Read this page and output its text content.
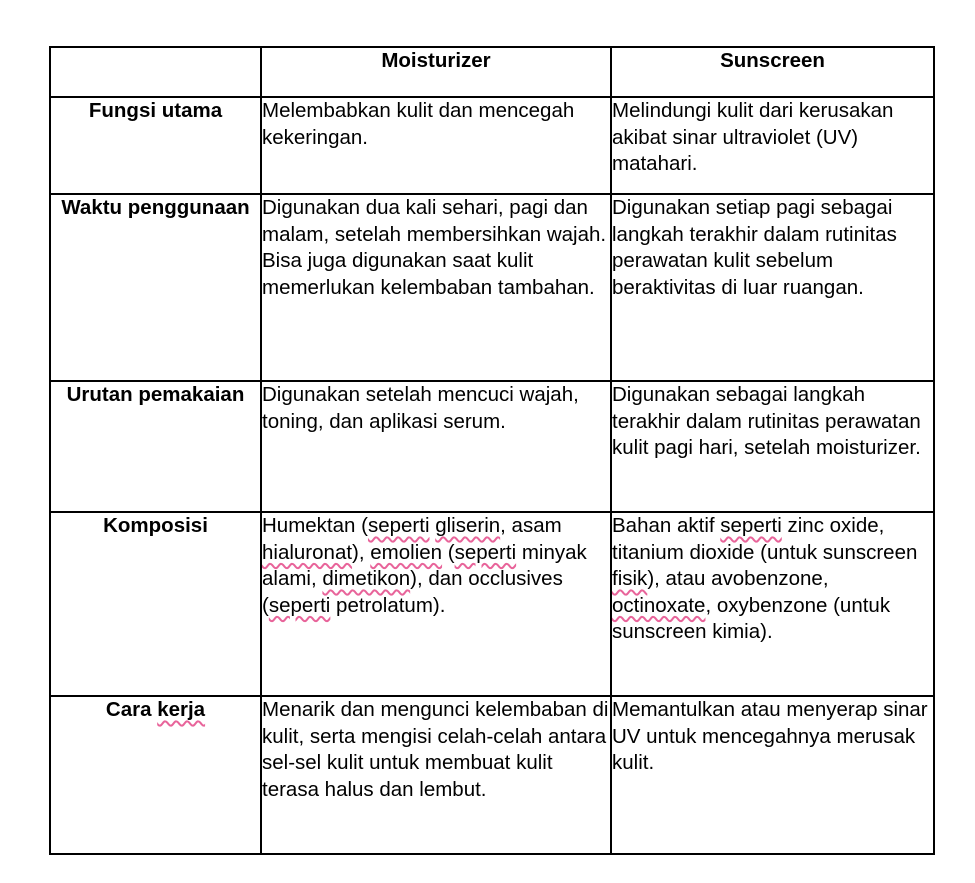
	Moisturizer	Sunscreen
Fungsi utama	Melembabkan kulit dan mencegah kekeringan.	Melindungi kulit dari kerusakan akibat sinar ultraviolet (UV) matahari.
Waktu penggunaan	Digunakan dua kali sehari, pagi dan malam, setelah membersihkan wajah. Bisa juga digunakan saat kulit memerlukan kelembaban tambahan.	Digunakan setiap pagi sebagai langkah terakhir dalam rutinitas perawatan kulit sebelum beraktivitas di luar ruangan.
Urutan pemakaian	Digunakan setelah mencuci wajah, toning, dan aplikasi serum.	Digunakan sebagai langkah terakhir dalam rutinitas perawatan kulit pagi hari, setelah moisturizer.
Komposisi	Humektan (seperti gliserin, asam hialuronat), emolien (seperti minyak alami, dimetikon), dan occlusives (seperti petrolatum).	Bahan aktif seperti zinc oxide, titanium dioxide (untuk sunscreen fisik), atau avobenzone, octinoxate, oxybenzone (untuk sunscreen kimia).
Cara kerja	Menarik dan mengunci kelembaban di kulit, serta mengisi celah-celah antara sel-sel kulit untuk membuat kulit terasa halus dan lembut.	Memantulkan atau menyerap sinar UV untuk mencegahnya merusak kulit.
